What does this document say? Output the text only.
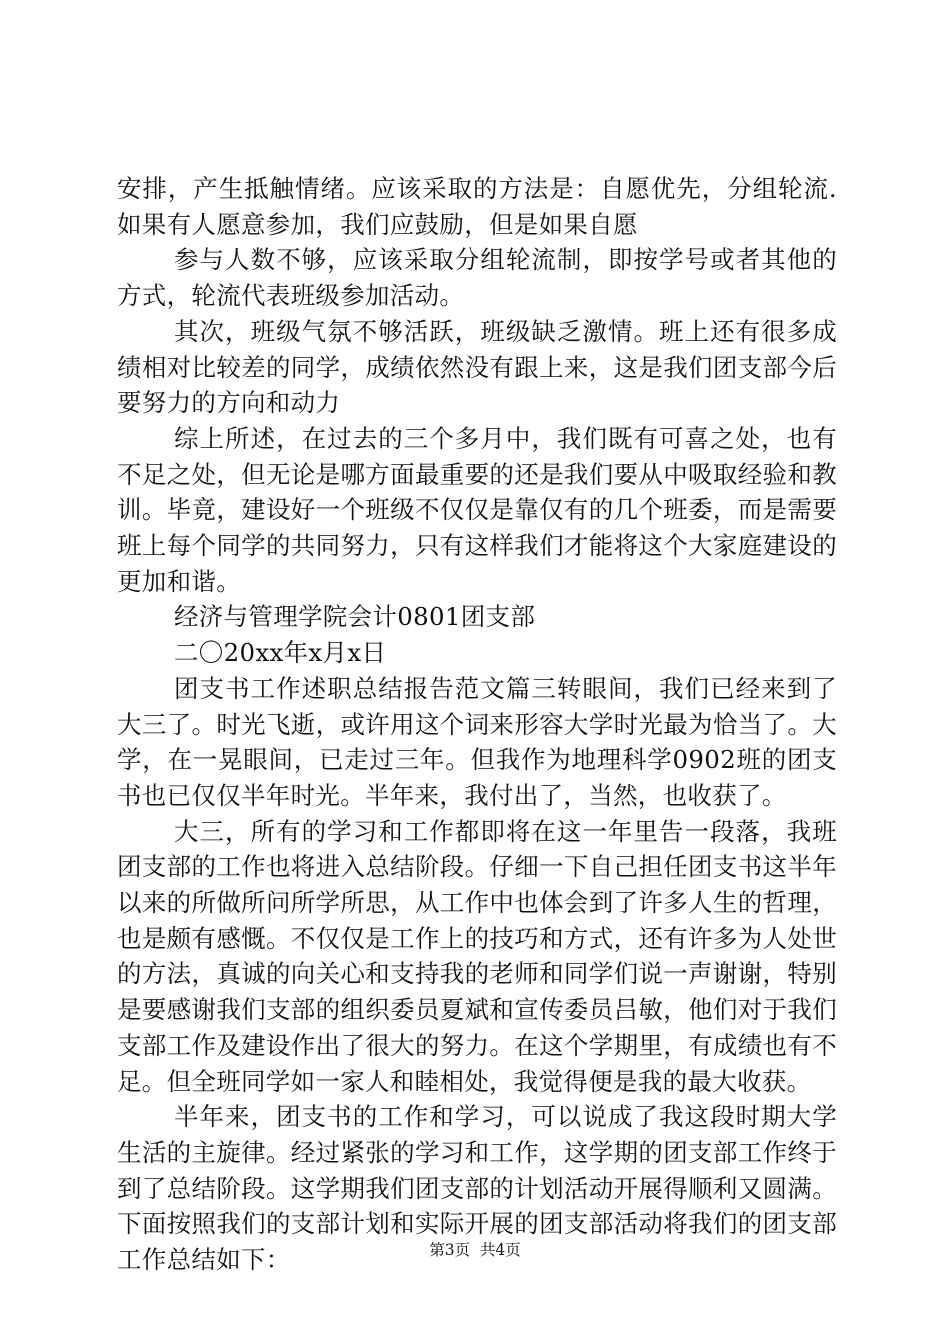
安排，产生抵触情绪。应该采取的方法是：自愿优先，分组轮流.如果有人愿意参加，我们应鼓励，但是如果自愿

参与人数不够，应该采取分组轮流制，即按学号或者其他的方式，轮流代表班级参加活动。

其次，班级气氛不够活跃，班级缺乏激情。班上还有很多成绩相对比较差的同学，成绩依然没有跟上来，这是我们团支部今后要努力的方向和动力

综上所述，在过去的三个多月中，我们既有可喜之处，也有不足之处，但无论是哪方面最重要的还是我们要从中吸取经验和教训。毕竟，建设好一个班级不仅仅是靠仅有的几个班委，而是需要班上每个同学的共同努力，只有这样我们才能将这个大家庭建设的更加和谐。

经济与管理学院会计0801团支部

二〇20xx年x月x日

团支书工作述职总结报告范文篇三转眼间，我们已经来到了大三了。时光飞逝，或许用这个词来形容大学时光最为恰当了。大学，在一晃眼间，已走过三年。但我作为地理科学0902班的团支书也已仅仅半年时光。半年来，我付出了，当然，也收获了。

大三，所有的学习和工作都即将在这一年里告一段落，我班团支部的工作也将进入总结阶段。仔细一下自己担任团支书这半年以来的所做所问所学所思，从工作中也体会到了许多人生的哲理，也是颇有感慨。不仅仅是工作上的技巧和方式，还有许多为人处世的方法，真诚的向关心和支持我的老师和同学们说一声谢谢，特别是要感谢我们支部的组织委员夏斌和宣传委员吕敏，他们对于我们支部工作及建设作出了很大的努力。在这个学期里，有成绩也有不足。但全班同学如一家人和睦相处，我觉得便是我的最大收获。

半年来，团支书的工作和学习，可以说成了我这段时期大学生活的主旋律。经过紧张的学习和工作，这学期的团支部工作终于到了总结阶段。这学期我们团支部的计划活动开展得顺利又圆满。下面按照我们的支部计划和实际开展的团支部活动将我们的团支部工作总结如下：	第3页  共4页
